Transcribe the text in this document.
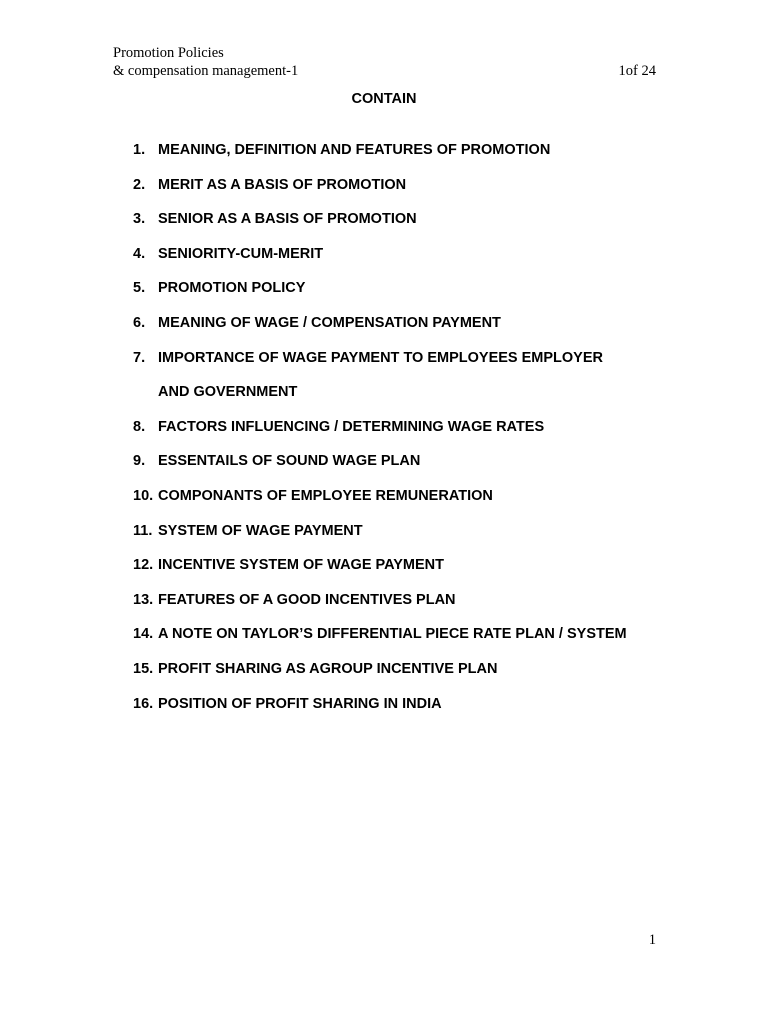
Promotion Policies
& compensation management-1	1of 24
CONTAIN
1. MEANING, DEFINITION AND FEATURES OF PROMOTION
2. MERIT AS A BASIS OF PROMOTION
3. SENIOR AS A BASIS OF PROMOTION
4. SENIORITY-CUM-MERIT
5. PROMOTION POLICY
6. MEANING OF WAGE / COMPENSATION PAYMENT
7. IMPORTANCE OF WAGE PAYMENT TO EMPLOYEES EMPLOYER
AND GOVERNMENT
8. FACTORS INFLUENCING / DETERMINING WAGE RATES
9. ESSENTAILS OF SOUND WAGE PLAN
10. COMPONANTS OF EMPLOYEE REMUNERATION
11. SYSTEM OF WAGE PAYMENT
12. INCENTIVE SYSTEM OF WAGE PAYMENT
13. FEATURES OF A GOOD INCENTIVES PLAN
14. A NOTE ON TAYLOR’S DIFFERENTIAL PIECE RATE PLAN / SYSTEM
15. PROFIT SHARING AS AGROUP INCENTIVE PLAN
16. POSITION OF PROFIT SHARING IN INDIA
1
